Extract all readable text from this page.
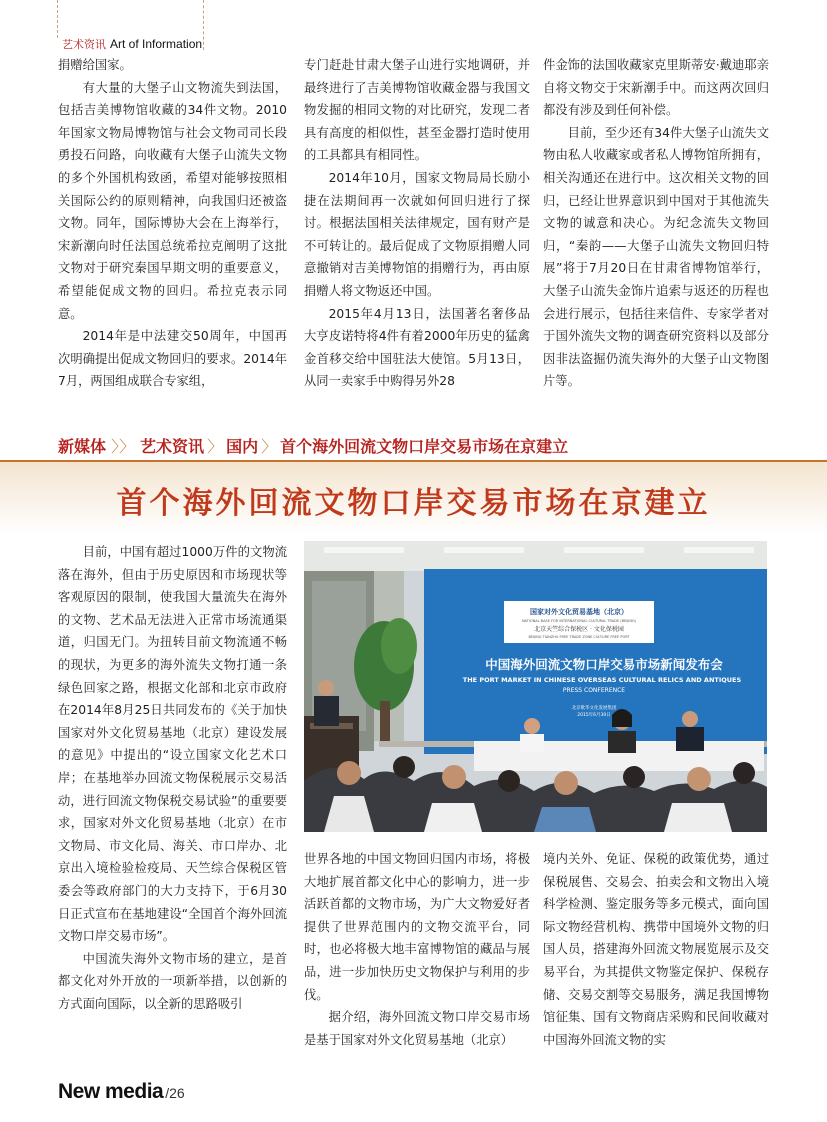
艺术资讯 Art of Information

捐赠给国家。

有大量的大堡子山文物流失到法国，包括吉美博物馆收藏的34件文物。2010年国家文物局博物馆与社会文物司司长段勇投石问路，向收藏有大堡子山流失文物的多个外国机构致函，希望对能够按照相关国际公约的原则精神，向我国归还被盗文物。同年，国际博协大会在上海举行，宋新潮向时任法国总统希拉克阐明了这批文物对于研究秦国早期文明的重要意义，希望能促成文物的回归。希拉克表示同意。

2014年是中法建交50周年，中国再次明确提出促成文物回归的要求。2014年7月，两国组成联合专家组，

专门赶赴甘肃大堡子山进行实地调研，并最终进行了吉美博物馆收藏金器与我国文物发掘的相同文物的对比研究，发现二者具有高度的相似性，甚至金器打造时使用的工具都具有相同性。

2014年10月，国家文物局局长励小捷在法期间再一次就如何回归进行了探讨。根据法国相关法律规定，国有财产是不可转让的。最后促成了文物原捐赠人同意撤销对吉美博物馆的捐赠行为，再由原捐赠人将文物返还中国。

2015年4月13日，法国著名奢侈品大亨皮诺特将4件有着2000年历史的猛禽金首移交给中国驻法大使馆。5月13日，从同一卖家手中购得另外28

件金饰的法国收藏家克里斯蒂安·戴迪耶亲自将文物交于宋新潮手中。而这两次回归都没有涉及到任何补偿。

目前，至少还有34件大堡子山流失文物由私人收藏家或者私人博物馆所拥有，相关沟通还在进行中。这次相关文物的回归，已经让世界意识到中国对于其他流失文物的诚意和决心。为纪念流失文物回归，“秦韵——大堡子山流失文物回归特展”将于7月20日在甘肃省博物馆举行，大堡子山流失金饰片追索与返还的历程也会进行展示，包括往来信件、专家学者对于国外流失文物的调查研究资料以及部分因非法盗掘仍流失海外的大堡子山文物图片等。

新媒体 〉〉 艺术资讯 〉 国内 〉 首个海外回流文物口岸交易市场在京建立
首个海外回流文物口岸交易市场在京建立

目前，中国有超过1000万件的文物流落在海外，但由于历史原因和市场现状等客观原因的限制，使我国大量流失在海外的文物、艺术品无法进入正常市场流通渠道，归国无门。为扭转目前文物流通不畅的现状，为更多的海外流失文物打通一条绿色回家之路，根据文化部和北京市政府在2014年8月25日共同发布的《关于加快国家对外文化贸易基地（北京）建设发展的意见》中提出的“设立国家文化艺术口岸；在基地举办回流文物保税展示交易活动，进行回流文物保税交易试验”的重要要求，国家对外文化贸易基地（北京）在市文物局、市文化局、海关、市口岸办、北京出入境检验检疫局、天竺综合保税区管委会等政府部门的大力支持下，于6月30日正式宣布在基地建设“全国首个海外回流文物口岸交易市场”。

中国流失海外文物市场的建立，是首都文化对外开放的一项新举措，以创新的方式面向国际，以全新的思路吸引

世界各地的中国文物回归国内市场，将极大地扩展首都文化中心的影响力，进一步活跃首都的文物市场，为广大文物爱好者提供了世界范围内的文物交流平台，同时，也必将极大地丰富博物馆的藏品与展品，进一步加快历史文物保护与利用的步伐。

据介绍，海外回流文物口岸交易市场是基于国家对外文化贸易基地（北京）

境内关外、免证、保税的政策优势，通过保税展售、交易会、拍卖会和文物出入境科学检测、鉴定服务等多元模式，面向国际文物经营机构、携带中国境外文物的归国人员，搭建海外回流文物展览展示及交易平台，为其提供文物鉴定保护、保税存储、交易交割等交易服务，满足我国博物馆征集、国有文物商店采购和民间收藏对中国海外回流文物的实

国家对外文化贸易基地（北京）
NATIONAL BASE FOR INTERNATIONAL CULTURAL TRADE (BEIJING)
北京天竺综合保税区 · 文化保税园
BEIJING TIANZHU FREE TRADE ZONE CULTURE FREE PORT
中国海外回流文物口岸交易市场新闻发布会
THE PORT MARKET IN CHINESE OVERSEAS CULTURAL RELICS AND ANTIQUES
PRESS CONFERENCE
北京歌华文化发展集团
2015年6月30日
New media /26
